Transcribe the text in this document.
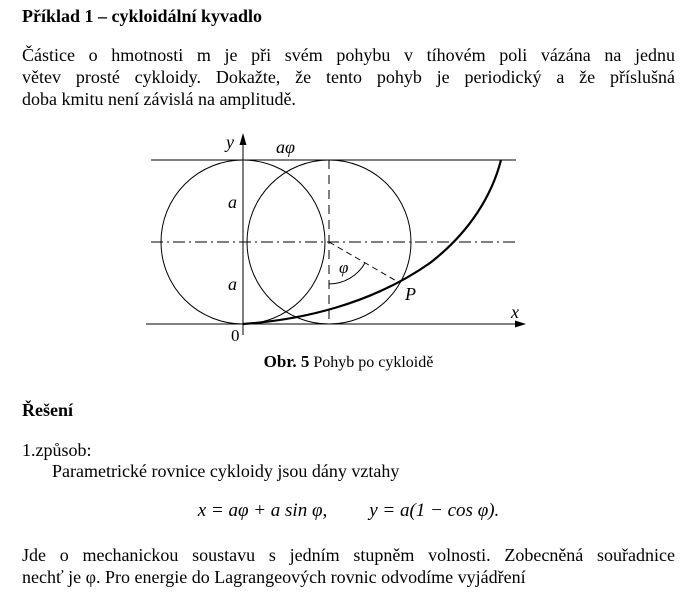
Příklad 1 – cykloidální kyvadlo
Částice o hmotnosti m je při svém pohybu v tíhovém poli vázána na jednu
větev prosté cykloidy. Dokažte, že tento pohyb je periodický a že příslušná
doba kmitu není závislá na amplitudě.
y aφ
a
a
φ
P
x
0
Obr. 5 Pohyb po cykloidě
Řešení
1.způsob:
Parametrické rovnice cykloidy jsou dány vztahy
x = aφ + a sin φ, y = a(1 − cos φ).
Jde o mechanickou soustavu s jedním stupněm volnosti. Zobecněná souřadnice
nechť je φ. Pro energie do Lagrangeových rovnic odvodíme vyjádření
